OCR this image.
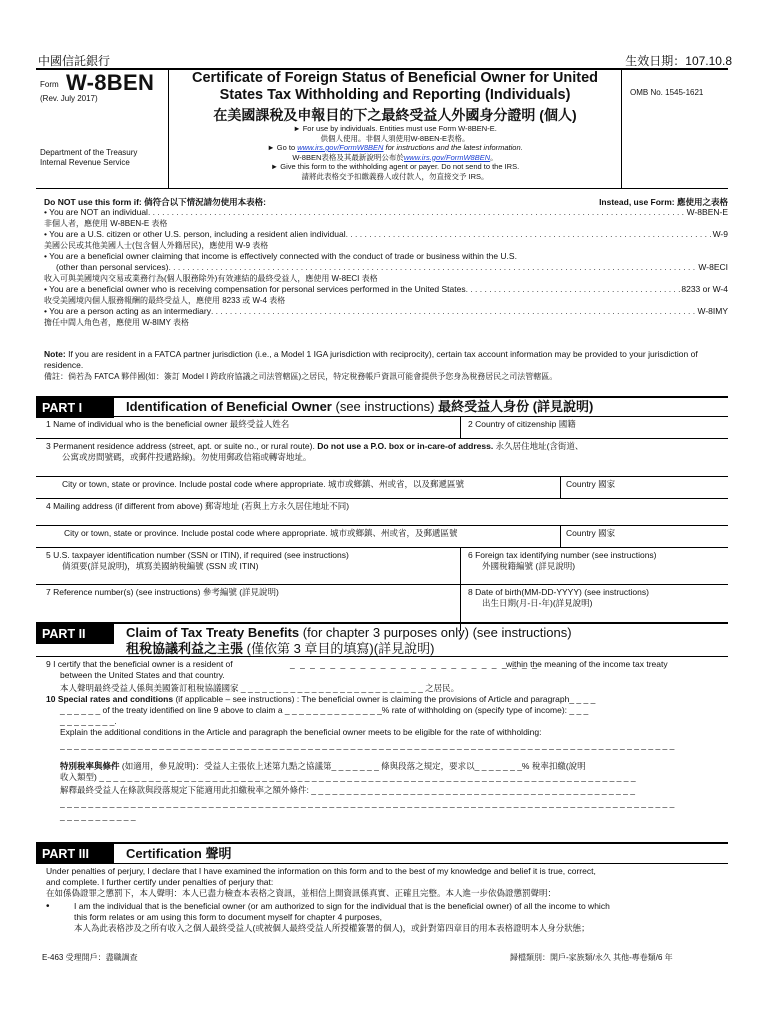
中國信託銀行	生效日期：107.10.8
Form W-8BEN
(Rev. July 2017)
Department of the Treasury
Internal Revenue Service
Certificate of Foreign Status of Beneficial Owner for United
States Tax Withholding and Reporting (Individuals)
在美國課稅及申報目的下之最終受益人外國身分證明 (個人)
► For use by individuals. Entities must use Form W-8BEN-E.
供個人使用。非個人須使用W-8BEN-E表格。
► Go to www.irs.gov/FormW8BEN for instructions and the latest information.
W-8BEN表格及其最新說明公布於www.irs.gov/FormW8BEN。
► Give this form to the withholding agent or payer. Do not send to the IRS.
請將此表格交予扣繳義務人或付款人，勿直接交予 IRS。
OMB No. 1545-1621
Do NOT use this form if: 倘符合以下情況請勿使用本表格:	Instead, use Form: 應使用之表格
• You are NOT an individual . . .	W-8BEN-E
非個人者，應使用 W-8BEN-E 表格
• You are a U.S. citizen or other U.S. person, including a resident alien individual . . .	W-9
美國公民或其他美國人士(包含個人外籍居民)，應使用 W-9 表格
• You are a beneficial owner claiming that income is effectively connected with the conduct of trade or business within the U.S.
(other than personal services) . . .	W-8ECI
收入可與美國境內交易或業務行為(個人服務除外)有效連結的最終受益人，應使用 W-8ECI 表格
• You are a beneficial owner who is receiving compensation for personal services performed in the United States . . .	8233 or W-4
收受美國境內個人服務報酬的最終受益人，應使用 8233 或 W-4 表格
• You are a person acting as an intermediary . . .	W-8IMY
擔任中間人角色者，應使用 W-8IMY 表格
Note: If you are resident in a FATCA partner jurisdiction (i.e., a Model 1 IGA jurisdiction with reciprocity), certain tax account information may be provided to your jurisdiction of residence.
備註：倘若為 FATCA 夥伴國(如：簽訂 Model I 跨政府協議之司法管轄區)之居民，特定稅務帳戶資訊可能會提供予您身為稅務居民之司法管轄區。
PART I	Identification of Beneficial Owner (see instructions) 最終受益人身份 (詳見說明)
1 Name of individual who is the beneficial owner 最終受益人姓名	2 Country of citizenship 國籍
3 Permanent residence address (street, apt. or suite no., or rural route). Do not use a P.O. box or in-care-of address. 永久居住地址(含街道、
公寓或房間號碼，或郵件投遞路線)。勿使用郵政信箱或轉寄地址。
City or town, state or province. Include postal code where appropriate. 城市或鄉鎮、州或省，以及郵遞區號	Country 國家
4 Mailing address (if different from above) 郵寄地址 (若與上方永久居住地址不同)
City or town, state or province. Include postal code where appropriate. 城市或鄉鎮、州或省，及郵遞區號	Country 國家
5 U.S. taxpayer identification number (SSN or ITIN), if required (see instructions)
倘須要(詳見說明)，填寫美國納稅編號 (SSN 或 ITIN)
6 Foreign tax identifying number (see instructions)
外國稅籍編號 (詳見說明)
7 Reference number(s) (see instructions) 參考編號 (詳見說明)	8 Date of birth(MM-DD-YYYY) (see instructions)
出生日期(月-日-年)(詳見說明)
PART II	Claim of Tax Treaty Benefits (for chapter 3 purposes only) (see instructions)
租稅協議利益之主張 (僅依第 3 章目的填寫)(詳見說明)
9 I certify that the beneficial owner is a resident of	_ _ _ _ _ _ _ _ _ _ _ _ _ _ _ _ _ _ _ _ _ _ _ _ _
within the meaning of the income tax treaty
between the United States and that country.
本人聲明最終受益人係與美國簽訂租稅協議國家 _ _ _ _ _ _ _ _ _ _ _ _ _ _ _ _ _ _ _ _ _ _ _ _ _ _ 之居民。
10 Special rates and conditions (if applicable – see instructions) : The beneficial owner is claiming the provisions of Article and paragraph_ _ _ _
_ _ _ _ _ _ of the treaty identified on line 9 above to claim a _ _ _ _ _ _ _ _ _ _ _ _ _ _% rate of withholding on (specify type of income): _ _ _
_ _ _ _ _ _ _ _.
Explain the additional conditions in the Article and paragraph the beneficial owner meets to be eligible for the rate of withholding:
_ _ _ _ _ _ _ _ _ _ _ _ _ _ _ _ _ _ _ _ _ _ _ _ _ _ _ _ _ _ _ _ _ _ _ _ _ _ _ _ _ _ _ _ _ _ _ _ _ _ _ _ _ _ _ _ _ _ _ _ _ _ _ _ _ _ _ _ _ _ _ _ _ _ _ _ _ _ _ _ _ _ _ _ _ _ _
特別稅率與條件 (如適用，參見說明)：受益人主張依上述第九點之協議第_ _ _ _ _ _ _ 條與段落之規定，要求以_ _ _ _ _ _ _% 稅率扣繳(說明
收入類型) _ _ _ _ _ _ _ _ _ _ _ _ _ _ _ _ _ _ _ _ _ _ _ _ _ _ _ _ _ _ _ _ _ _ _ _ _ _ _ _ _ _ _ _ _ _ _ _ _ _ _ _ _ _ _ _ _ _ _ _ _ _ _ _ _ _ _ _ _ _ _ _ _ _ _ _
解釋最終受益人在條款與段落規定下能適用此扣繳稅率之額外條件: _ _ _ _ _ _ _ _ _ _ _ _ _ _ _ _ _ _ _ _ _ _ _ _ _ _ _ _ _ _ _ _ _ _ _ _ _ _ _ _ _ _ _ _ _ _
_ _ _ _ _ _ _ _ _ _ _ _ _ _ _ _ _ _ _ _ _ _ _ _ _ _ _ _ _ _ _ _ _ _ _ _ _ _ _ _ _ _ _ _ _ _ _ _ _ _ _ _ _ _ _ _ _ _ _ _ _ _ _ _ _ _ _ _ _ _ _ _ _ _ _ _ _ _ _ _ _ _ _ _ _ _ _
_ _ _ _ _ _ _ _ _ _ _
PART III	Certification 聲明
Under penalties of perjury, I declare that I have examined the information on this form and to the best of my knowledge and belief it is true, correct,
and complete. I further certify under penalties of perjury that:
在如係偽證罪之懲罰下，本人聲明：本人已盡力檢查本表格之資訊，並相信上開資訊係真實、正確且完整。本人進一步依偽證懲罰聲明：
•	I am the individual that is the beneficial owner (or am authorized to sign for the individual that is the beneficial owner) of all the income to which
this form relates or am using this form to document myself for chapter 4 purposes,
本人為此表格涉及之所有收入之個人最終受益人(或被個人最終受益人所授權簽署的個人)，或針對第四章目的用本表格證明本人身分狀態；
E-463 受理開戶：盡職調查	歸檔類別：開戶-家族類/永久 其他-專卷類/6 年
